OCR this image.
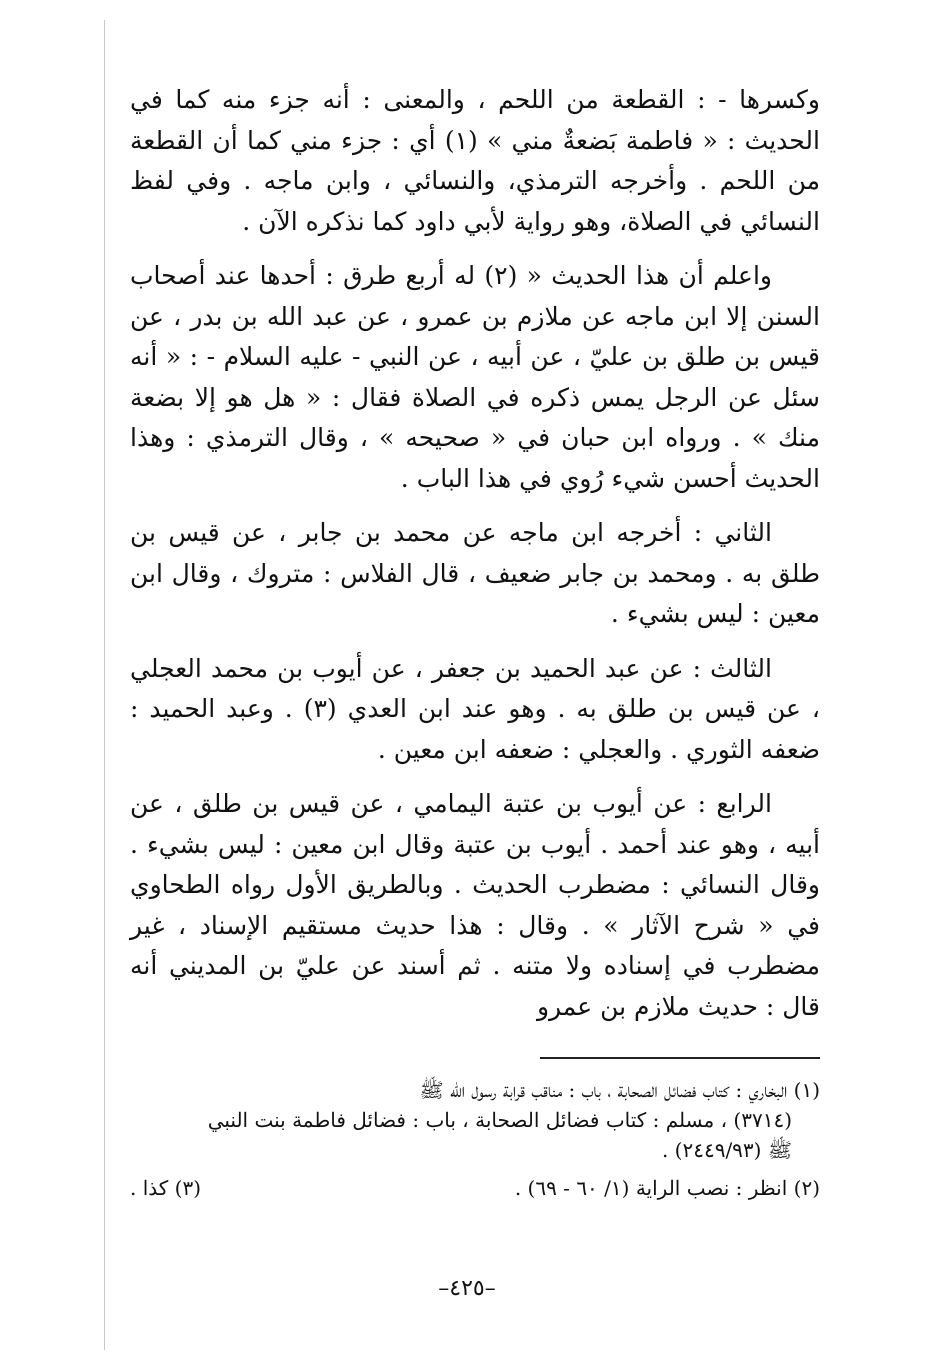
وكسرها - : القطعة من اللحم ، والمعنى : أنه جزء منه كما في الحديث : « فاطمة بَضعةٌ مني » (١) أي : جزء مني كما أن القطعة من اللحم . وأخرجه الترمذي، والنسائي ، وابن ماجه . وفي لفظ النسائي في الصلاة، وهو رواية لأبي داود كما نذكره الآن .

واعلم أن هذا الحديث « (٢) له أربع طرق : أحدها عند أصحاب السنن إلا ابن ماجه عن ملازم بن عمرو ، عن عبد الله بن بدر ، عن قيس بن طلق بن عليّ ، عن أبيه ، عن النبي - عليه السلام - : « أنه سئل عن الرجل يمس ذكره في الصلاة فقال : « هل هو إلا بضعة منك » . ورواه ابن حبان في « صحيحه » ، وقال الترمذي : وهذا الحديث أحسن شيء رُوي في هذا الباب .

الثاني : أخرجه ابن ماجه عن محمد بن جابر ، عن قيس بن طلق به . ومحمد بن جابر ضعيف ، قال الفلاس : متروك ، وقال ابن معين : ليس بشيء .

الثالث : عن عبد الحميد بن جعفر ، عن أيوب بن محمد العجلي ، عن قيس بن طلق به . وهو عند ابن العدي (٣) . وعبد الحميد : ضعفه الثوري . والعجلي : ضعفه ابن معين .

الرابع : عن أيوب بن عتبة اليمامي ، عن قيس بن طلق ، عن أبيه ، وهو عند أحمد . أيوب بن عتبة وقال ابن معين : ليس بشيء . وقال النسائي : مضطرب الحديث . وبالطريق الأول رواه الطحاوي في « شرح الآثار » . وقال : هذا حديث مستقيم الإسناد ، غير مضطرب في إسناده ولا متنه . ثم أسند عن عليّ بن المديني أنه قال : حديث ملازم بن عمرو

(١) البخاري : كتاب فضائل الصحابة ، باب : مناقب قرابة رسول الله ﷺ

(٣٧١٤) ، مسلم : كتاب فضائل الصحابة ، باب : فضائل فاطمة بنت النبي

ﷺ (٢٤٤٩/٩٣) .

(٢) انظر : نصب الراية (١/ ٦٠ - ٦٩) .

(٣) كذا .

–٤٢٥–
